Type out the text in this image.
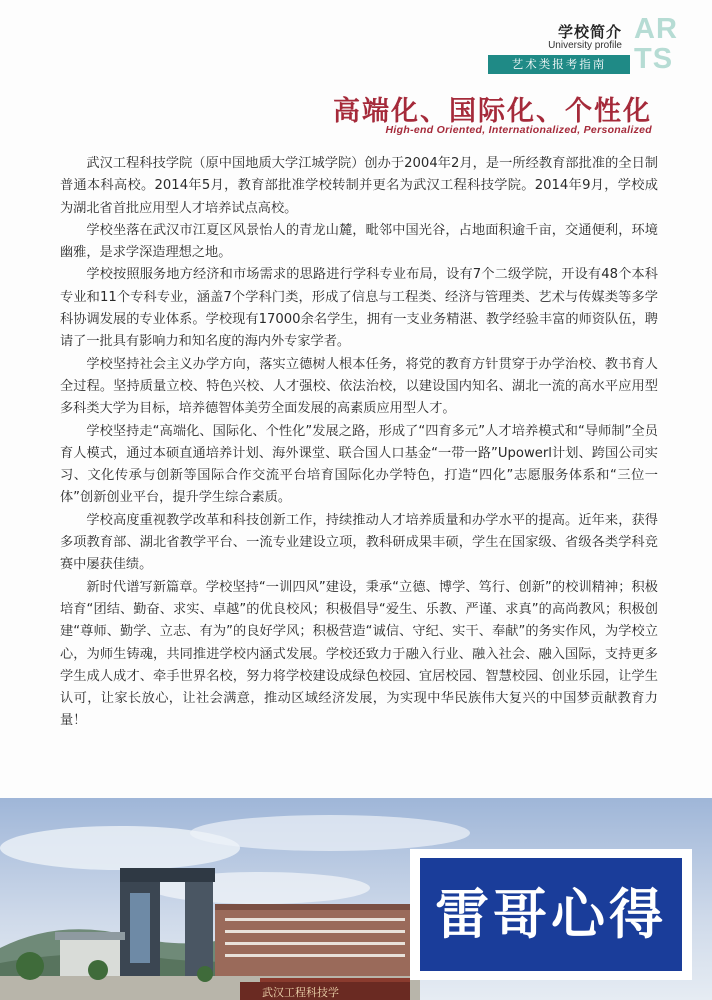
学校简介
University profile
艺术类报考指南
AR
TS
高端化、国际化、个性化
High-end Oriented, Internationalized, Personalized

武汉工程科技学院（原中国地质大学江城学院）创办于2004年2月，是一所经教育部批准的全日制普通本科高校。2014年5月，教育部批准学校转制并更名为武汉工程科技学院。2014年9月，学校成为湖北省首批应用型人才培养试点高校。

学校坐落在武汉市江夏区风景怡人的青龙山麓，毗邻中国光谷，占地面积逾千亩，交通便利，环境幽雅，是求学深造理想之地。

学校按照服务地方经济和市场需求的思路进行学科专业布局，设有7个二级学院，开设有48个本科专业和11个专科专业，涵盖7个学科门类，形成了信息与工程类、经济与管理类、艺术与传媒类等多学科协调发展的专业体系。学校现有17000余名学生，拥有一支业务精湛、教学经验丰富的师资队伍，聘请了一批具有影响力和知名度的海内外专家学者。

学校坚持社会主义办学方向，落实立德树人根本任务，将党的教育方针贯穿于办学治校、教书育人全过程。坚持质量立校、特色兴校、人才强校、依法治校，以建设国内知名、湖北一流的高水平应用型多科类大学为目标，培养德智体美劳全面发展的高素质应用型人才。

学校坚持走“高端化、国际化、个性化”发展之路，形成了“四育多元”人才培养模式和“导师制”全员育人模式，通过本硕直通培养计划、海外课堂、联合国人口基金“一带一路”Upowerl计划、跨国公司实习、文化传承与创新等国际合作交流平台培育国际化办学特色，打造“四化”志愿服务体系和“三位一体”创新创业平台，提升学生综合素质。

学校高度重视教学改革和科技创新工作，持续推动人才培养质量和办学水平的提高。近年来，获得多项教育部、湖北省教学平台、一流专业建设立项，教科研成果丰硕，学生在国家级、省级各类学科竞赛中屡获佳绩。

新时代谱写新篇章。学校坚持“一训四风”建设，秉承“立德、博学、笃行、创新”的校训精神；积极培育“团结、勤奋、求实、卓越”的优良校风；积极倡导“爱生、乐教、严谨、求真”的高尚教风；积极创建“尊师、勤学、立志、有为”的良好学风；积极营造“诚信、守纪、实干、奉献”的务实作风，为学校立心，为师生铸魂，共同推进学校内涵式发展。学校还致力于融入行业、融入社会、融入国际，支持更多学生成人成才、牵手世界名校，努力将学校建设成绿色校园、宜居校园、智慧校园、创业乐园，让学生认可，让家长放心，让社会满意，推动区域经济发展，为实现中华民族伟大复兴的中国梦贡献教育力量！

武汉工程科技学
雷哥心得
